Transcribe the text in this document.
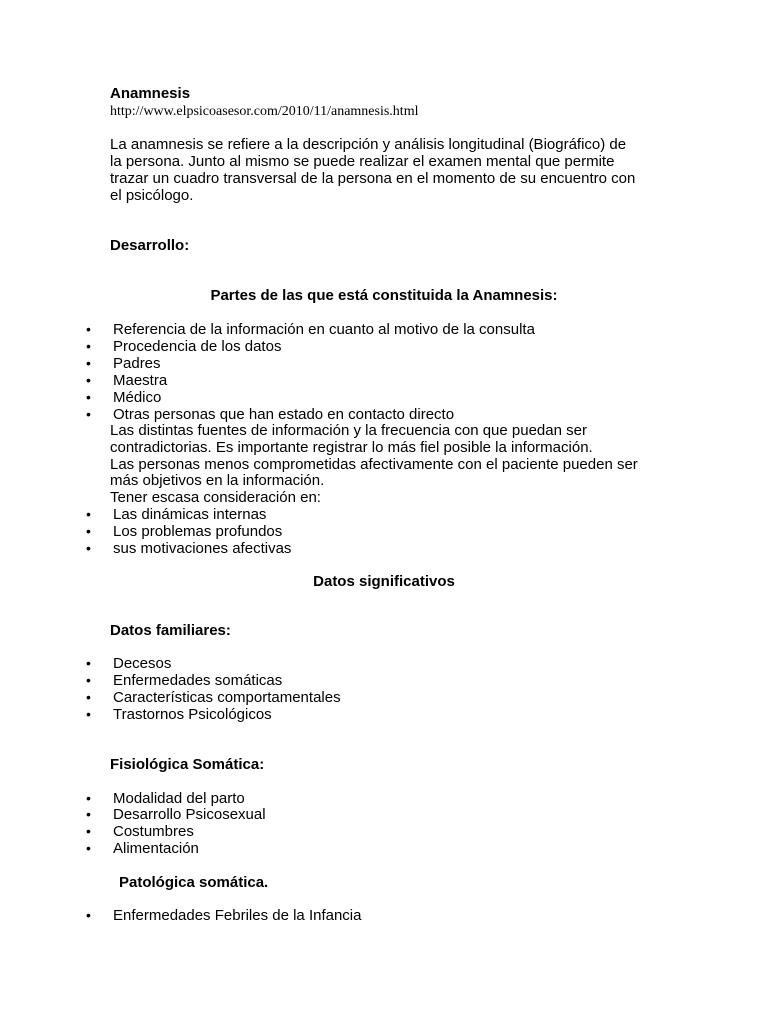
Anamnesis
http://www.elpsicoasesor.com/2010/11/anamnesis.html
La anamnesis se refiere a la descripción y análisis longitudinal (Biográfico) de
la persona. Junto al mismo se puede realizar el examen mental que permite
trazar un cuadro transversal de la persona en el momento de su encuentro con
el psicólogo.
Desarrollo:
Partes de las que está constituida la Anamnesis:
• Referencia de la información en cuanto al motivo de la consulta
• Procedencia de los datos
• Padres
• Maestra
• Médico
• Otras personas que han estado en contacto directo
Las distintas fuentes de información y la frecuencia con que puedan ser
contradictorias. Es importante registrar lo más fiel posible la información.
Las personas menos comprometidas afectivamente con el paciente pueden ser
más objetivos en la información.
Tener escasa consideración en:
• Las dinámicas internas
• Los problemas profundos
• sus motivaciones afectivas
Datos significativos
Datos familiares:
• Decesos
• Enfermedades somáticas
• Características comportamentales
• Trastornos Psicológicos
Fisiológica Somática:
• Modalidad del parto
• Desarrollo Psicosexual
• Costumbres
• Alimentación
Patológica somática.
• Enfermedades Febriles de la Infancia
